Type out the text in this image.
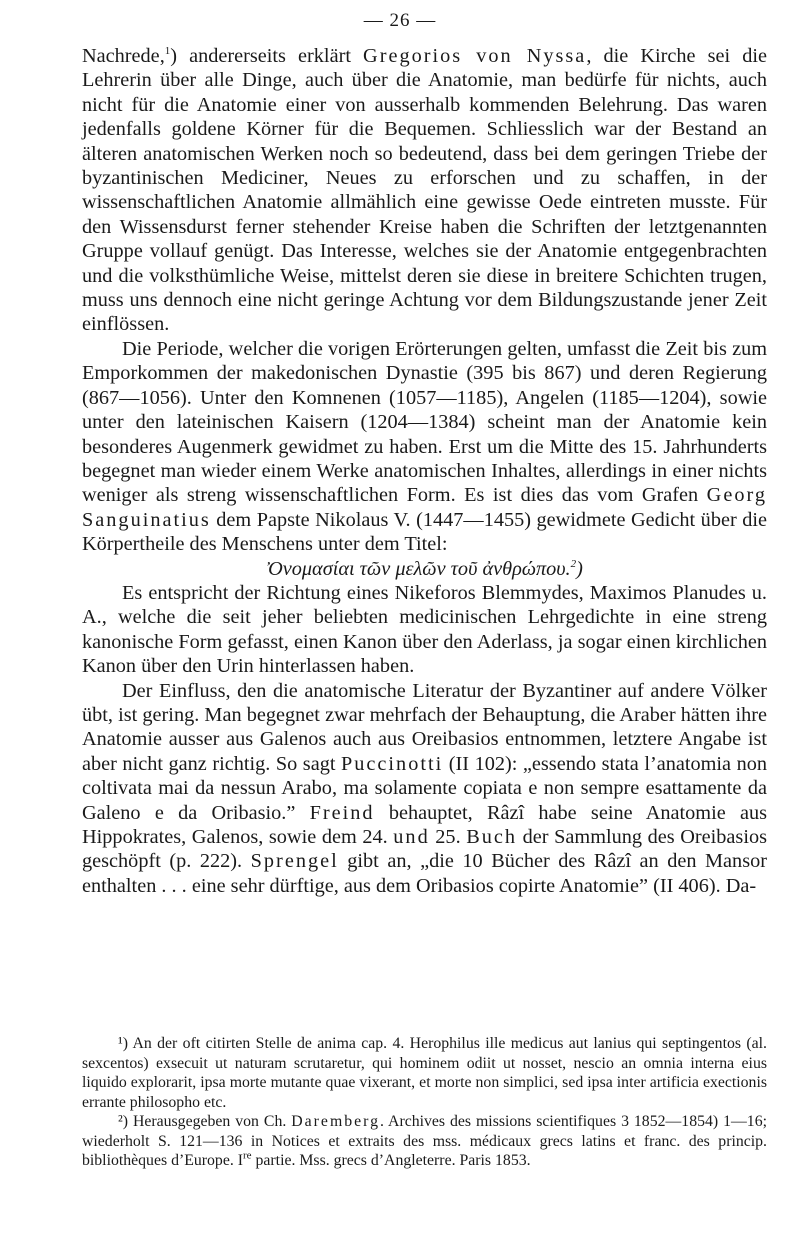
— 26 —

Nachrede,$^1$) andererseits erklärt Gregorios von Nyssa, die Kirche sei die Lehrerin über alle Dinge, auch über die Anatomie, man bedürfe für nichts, auch nicht für die Anatomie einer von ausserhalb kommenden Belehrung. Das waren jedenfalls goldene Körner für die Bequemen. Schliesslich war der Bestand an älteren anatomischen Werken noch so bedeutend, dass bei dem geringen Triebe der byzantinischen Mediciner, Neues zu erforschen und zu schaffen, in der wissenschaftlichen Anatomie allmählich eine gewisse Oede eintreten musste. Für den Wissensdurst ferner stehender Kreise haben die Schriften der letztgenannten Gruppe vollauf genügt. Das Interesse, welches sie der Anatomie entgegenbrachten und die volksthümliche Weise, mittelst deren sie diese in breitere Schichten trugen, muss uns dennoch eine nicht geringe Achtung vor dem Bildungszustande jener Zeit einflössen.

Die Periode, welcher die vorigen Erörterungen gelten, umfasst die Zeit bis zum Emporkommen der makedonischen Dynastie (395 bis 867) und deren Regierung (867—1056). Unter den Komnenen (1057—1185), Angelen (1185—1204), sowie unter den lateinischen Kaisern (1204—1384) scheint man der Anatomie kein besonderes Augenmerk gewidmet zu haben. Erst um die Mitte des 15. Jahrhunderts begegnet man wieder einem Werke anatomischen Inhaltes, allerdings in einer nichts weniger als streng wissenschaftlichen Form. Es ist dies das vom Grafen Georg Sanguinatius dem Papste Nikolaus V. (1447—1455) gewidmete Gedicht über die Körpertheile des Menschens unter dem Titel:

Ὀνομασίαι τῶν μελῶν τοῦ ἀνθρώπου.$^2$)

Es entspricht der Richtung eines Nikeforos Blemmydes, Maximos Planudes u. A., welche die seit jeher beliebten medicinischen Lehrgedichte in eine streng kanonische Form gefasst, einen Kanon über den Aderlass, ja sogar einen kirchlichen Kanon über den Urin hinterlassen haben.

Der Einfluss, den die anatomische Literatur der Byzantiner auf andere Völker übt, ist gering. Man begegnet zwar mehrfach der Behauptung, die Araber hätten ihre Anatomie ausser aus Galenos auch aus Oreibasios entnommen, letztere Angabe ist aber nicht ganz richtig. So sagt Puccinotti (II 102): „essendo stata l’anatomia non coltivata mai da nessun Arabo, ma solamente copiata e non sempre esattamente da Galeno e da Oribasio.” Freind behauptet, Râzî habe seine Anatomie aus Hippokrates, Galenos, sowie dem 24. und 25. Buch der Sammlung des Oreibasios geschöpft (p. 222). Sprengel gibt an, „die 10 Bücher des Râzî an den Mansor enthalten . . . eine sehr dürftige, aus dem Oribasios copirte Anatomie” (II 406). Da-

¹) An der oft citirten Stelle de anima cap. 4. Herophilus ille medicus aut lanius qui septingentos (al. sexcentos) exsecuit ut naturam scrutaretur, qui hominem odiit ut nosset, nescio an omnia interna eius liquido explorarit, ipsa morte mutante quae vixerant, et morte non simplici, sed ipsa inter artificia exectionis errante philosopho etc.

²) Herausgegeben von Ch. Daremberg. Archives des missions scientifiques 3 1852—1854) 1—16; wiederholt S. 121—136 in Notices et extraits des mss. médicaux grecs latins et franc. des princip. bibliothèques d’Europe. Ire partie. Mss. grecs d’Angleterre. Paris 1853.
